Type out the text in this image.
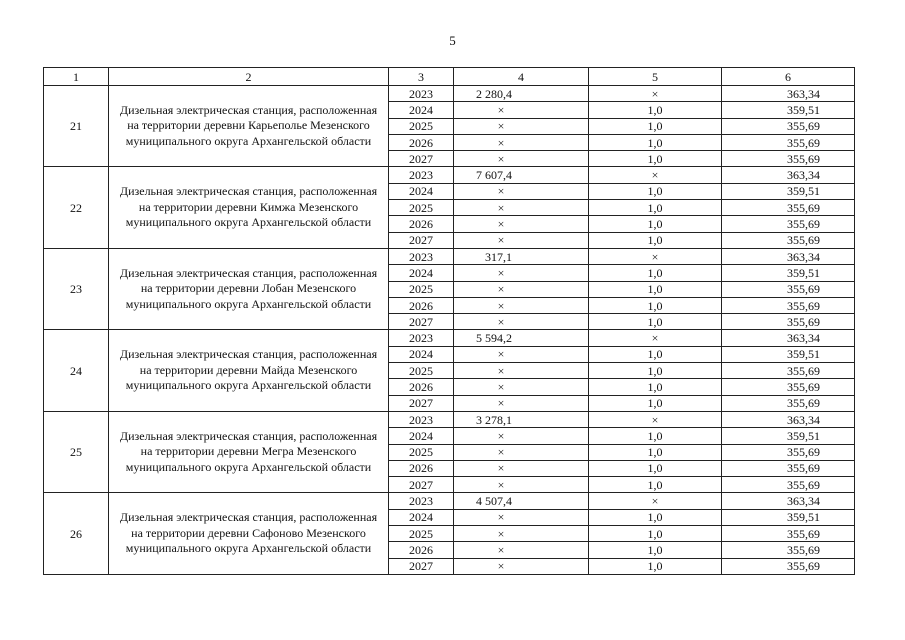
5
1	2	3	4	5	6
21	Дизельная электрическая станция, расположенная на территории деревни Карьеполье Мезенского муниципального округа Архангельской области	2023	2 280,4	×	363,34
		2024	×	1,0	359,51
		2025	×	1,0	355,69
		2026	×	1,0	355,69
		2027	×	1,0	355,69
22	Дизельная электрическая станция, расположенная на территории деревни Кимжа Мезенского муниципального округа Архангельской области	2023	7 607,4	×	363,34
		2024	×	1,0	359,51
		2025	×	1,0	355,69
		2026	×	1,0	355,69
		2027	×	1,0	355,69
23	Дизельная электрическая станция, расположенная на территории деревни Лобан Мезенского муниципального округа Архангельской области	2023	317,1	×	363,34
		2024	×	1,0	359,51
		2025	×	1,0	355,69
		2026	×	1,0	355,69
		2027	×	1,0	355,69
24	Дизельная электрическая станция, расположенная на территории деревни Майда Мезенского муниципального округа Архангельской области	2023	5 594,2	×	363,34
		2024	×	1,0	359,51
		2025	×	1,0	355,69
		2026	×	1,0	355,69
		2027	×	1,0	355,69
25	Дизельная электрическая станция, расположенная на территории деревни Мегра Мезенского муниципального округа Архангельской области	2023	3 278,1	×	363,34
		2024	×	1,0	359,51
		2025	×	1,0	355,69
		2026	×	1,0	355,69
		2027	×	1,0	355,69
26	Дизельная электрическая станция, расположенная на территории деревни Сафоново Мезенского муниципального округа Архангельской области	2023	4 507,4	×	363,34
		2024	×	1,0	359,51
		2025	×	1,0	355,69
		2026	×	1,0	355,69
		2027	×	1,0	355,69
